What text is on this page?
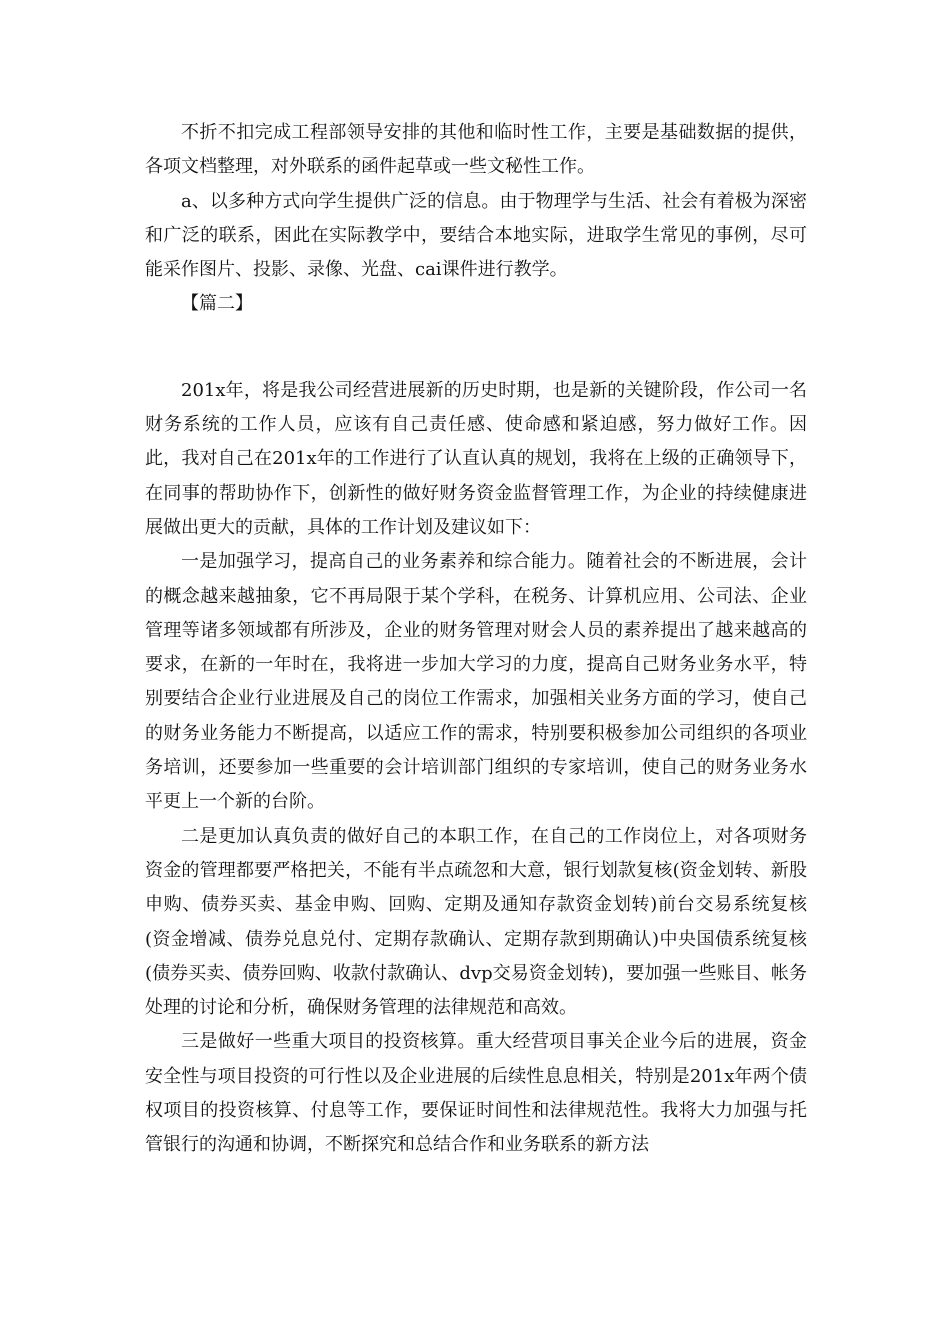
不折不扣完成工程部领导安排的其他和临时性工作，主要是基础数据的提供，各项文档整理，对外联系的函件起草或一些文秘性工作。

a、以多种方式向学生提供广泛的信息。由于物理学与生活、社会有着极为深密和广泛的联系，困此在实际教学中，要结合本地实际，进取学生常见的事例，尽可能采作图片、投影、录像、光盘、cai课件进行教学。

【篇二】

201x年，将是我公司经营进展新的历史时期，也是新的关键阶段，作公司一名财务系统的工作人员，应该有自己责任感、使命感和紧迫感，努力做好工作。因此，我对自己在201x年的工作进行了认直认真的规划，我将在上级的正确领导下，在同事的帮助协作下，创新性的做好财务资金监督管理工作，为企业的持续健康进展做出更大的贡献，具体的工作计划及建议如下：

一是加强学习，提高自己的业务素养和综合能力。随着社会的不断进展，会计的概念越来越抽象，它不再局限于某个学科，在税务、计算机应用、公司法、企业管理等诸多领域都有所涉及，企业的财务管理对财会人员的素养提出了越来越高的要求，在新的一年时在，我将进一步加大学习的力度，提高自己财务业务水平，特别要结合企业行业进展及自己的岗位工作需求，加强相关业务方面的学习，使自己的财务业务能力不断提高，以适应工作的需求，特别要积极参加公司组织的各项业务培训，还要参加一些重要的会计培训部门组织的专家培训，使自己的财务业务水平更上一个新的台阶。

二是更加认真负责的做好自己的本职工作，在自己的工作岗位上，对各项财务资金的管理都要严格把关，不能有半点疏忽和大意，银行划款复核(资金划转、新股申购、债券买卖、基金申购、回购、定期及通知存款资金划转)前台交易系统复核(资金增减、债券兑息兑付、定期存款确认、定期存款到期确认)中央国债系统复核(债券买卖、债券回购、收款付款确认、dvp交易资金划转)，要加强一些账目、帐务处理的讨论和分析，确保财务管理的法律规范和高效。

三是做好一些重大项目的投资核算。重大经营项目事关企业今后的进展，资金安全性与项目投资的可行性以及企业进展的后续性息息相关，特别是201x年两个债权项目的投资核算、付息等工作，要保证时间性和法律规范性。我将大力加强与托管银行的沟通和协调，不断探究和总结合作和业务联系的新方法
